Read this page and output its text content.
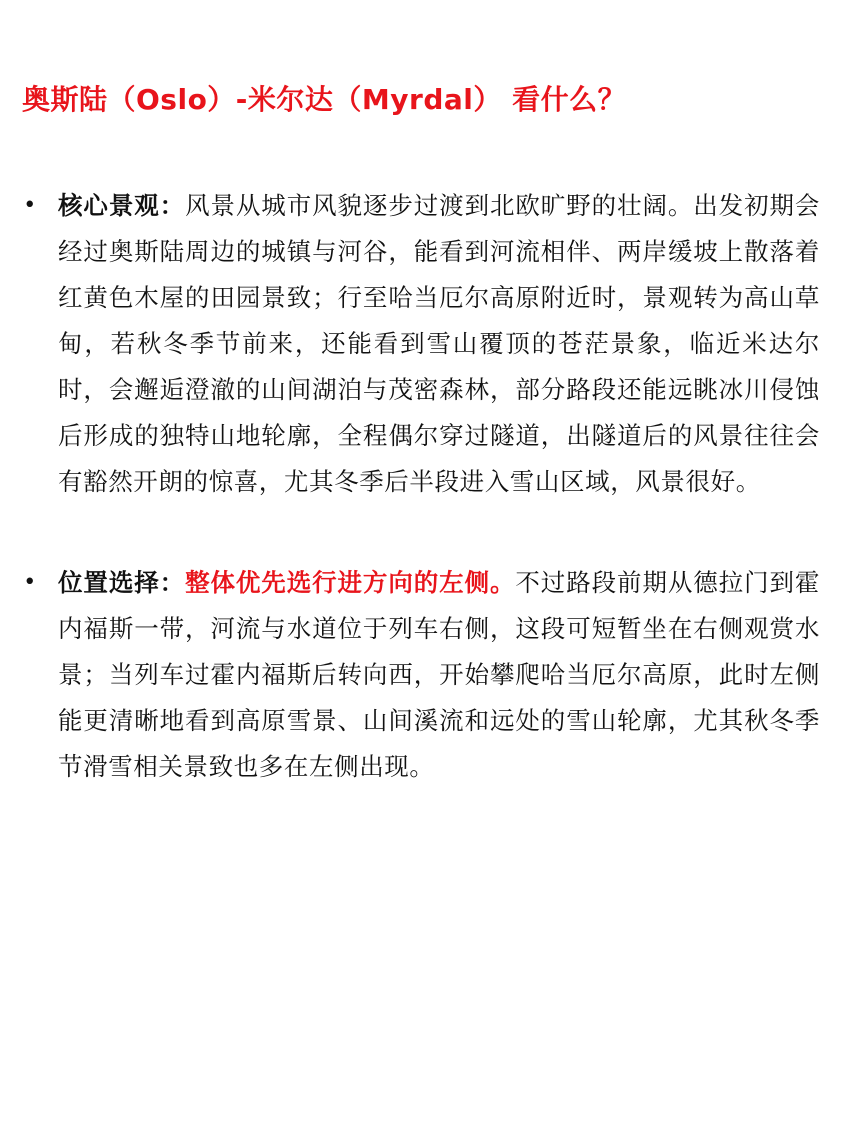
奥斯陆（Oslo）-米尔达（Myrdal） 看什么？
• 核心景观：风景从城市风貌逐步过渡到北欧旷野的壮阔。出发初期会经过奥斯陆周边的城镇与河谷，能看到河流相伴、两岸缓坡上散落着红黄色木屋的田园景致；行至哈当厄尔高原附近时，景观转为高山草甸，若秋冬季节前来，还能看到雪山覆顶的苍茫景象，临近米达尔时，会邂逅澄澈的山间湖泊与茂密森林，部分路段还能远眺冰川侵蚀后形成的独特山地轮廓，全程偶尔穿过隧道，出隧道后的风景往往会有豁然开朗的惊喜，尤其冬季后半段进入雪山区域，风景很好。
• 位置选择：整体优先选行进方向的左侧。不过路段前期从德拉门到霍内福斯一带，河流与水道位于列车右侧，这段可短暂坐在右侧观赏水景；当列车过霍内福斯后转向西，开始攀爬哈当厄尔高原，此时左侧能更清晰地看到高原雪景、山间溪流和远处的雪山轮廓，尤其秋冬季节滑雪相关景致也多在左侧出现。
